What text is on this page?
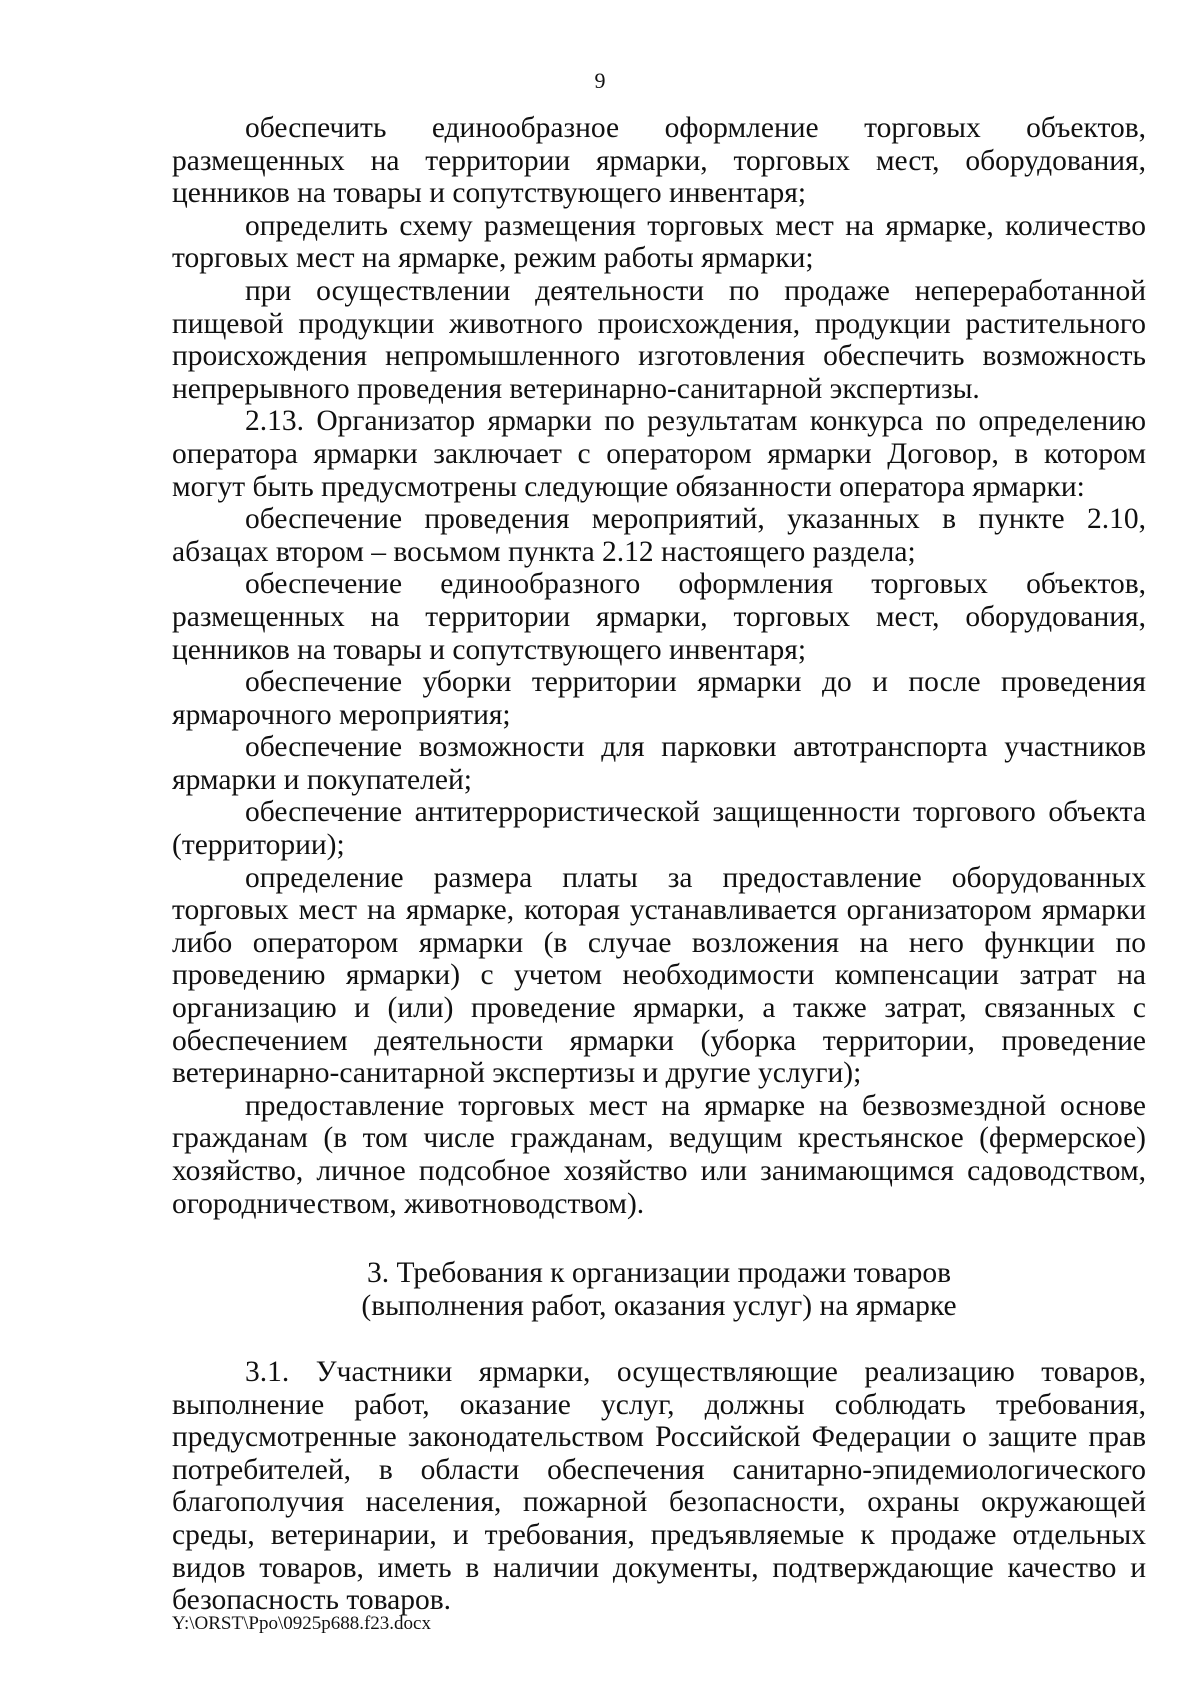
9

обеспечить единообразное оформление торговых объектов, размещенных на территории ярмарки, торговых мест, оборудования, ценников на товары и сопутствующего инвентаря;

определить схему размещения торговых мест на ярмарке, количество торговых мест на ярмарке, режим работы ярмарки;

при осуществлении деятельности по продаже непереработанной пищевой продукции животного происхождения, продукции растительного происхождения непромышленного изготовления обеспечить возможность непрерывного проведения ветеринарно-санитарной экспертизы.

2.13. Организатор ярмарки по результатам конкурса по определению оператора ярмарки заключает с оператором ярмарки Договор, в котором могут быть предусмотрены следующие обязанности оператора ярмарки:

обеспечение проведения мероприятий, указанных в пункте 2.10, абзацах втором – восьмом пункта 2.12 настоящего раздела;

обеспечение единообразного оформления торговых объектов, размещенных на территории ярмарки, торговых мест, оборудования, ценников на товары и сопутствующего инвентаря;

обеспечение уборки территории ярмарки до и после проведения ярмарочного мероприятия;

обеспечение возможности для парковки автотранспорта участников ярмарки и покупателей;

обеспечение антитеррористической защищенности торгового объекта (территории);

определение размера платы за предоставление оборудованных торговых мест на ярмарке, которая устанавливается организатором ярмарки либо оператором ярмарки (в случае возложения на него функции по проведению ярмарки) с учетом необходимости компенсации затрат на организацию и (или) проведение ярмарки, а также затрат, связанных с обеспечением деятельности ярмарки (уборка территории, проведение ветеринарно-санитарной экспертизы и другие услуги);

предоставление торговых мест на ярмарке на безвозмездной основе гражданам (в том числе гражданам, ведущим крестьянское (фермерское) хозяйство, личное подсобное хозяйство или занимающимся садоводством, огородничеством, животноводством).

3. Требования к организации продажи товаров
(выполнения работ, оказания услуг) на ярмарке

3.1. Участники ярмарки, осуществляющие реализацию товаров, выполнение работ, оказание услуг, должны соблюдать требования, предусмотренные законодательством Российской Федерации о защите прав потребителей, в области обеспечения санитарно-эпидемиологического благополучия населения, пожарной безопасности, охраны окружающей среды, ветеринарии, и требования, предъявляемые к продаже отдельных видов товаров, иметь в наличии документы, подтверждающие качество и безопасность товаров.

Y:\ORST\Ppo\0925p688.f23.docx
